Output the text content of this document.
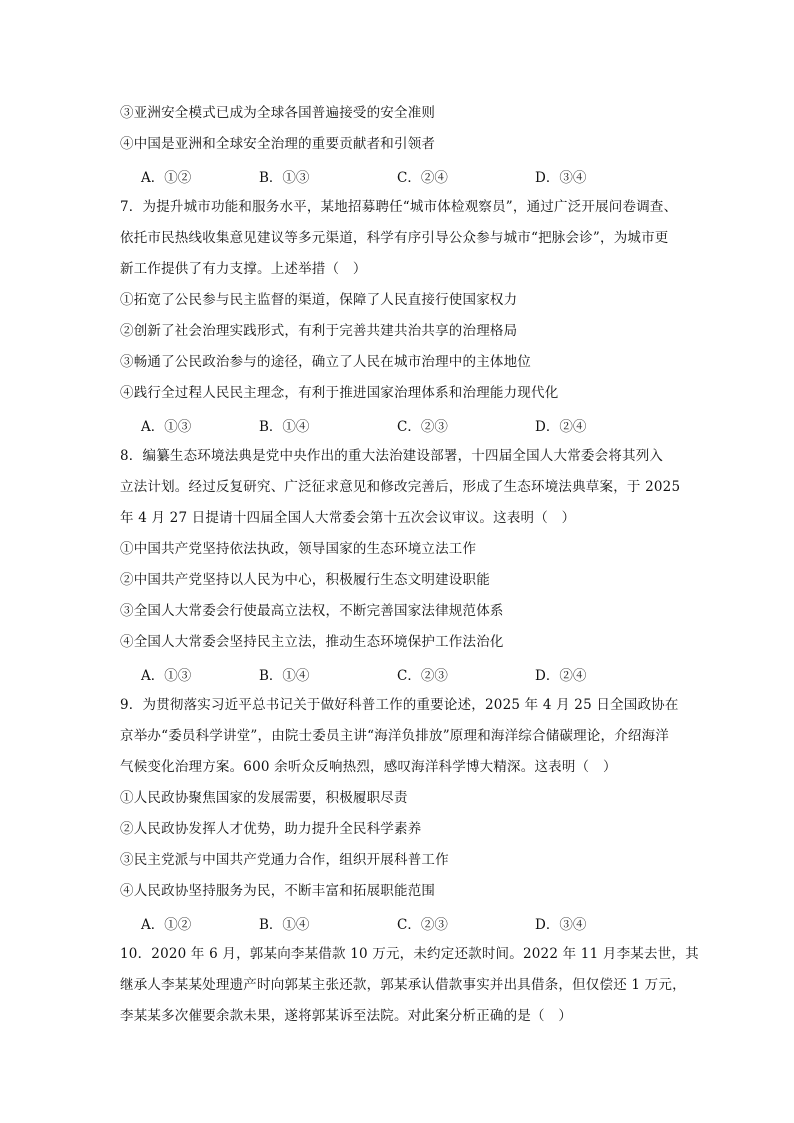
③亚洲安全模式已成为全球各国普遍接受的安全准则
④中国是亚洲和全球安全治理的重要贡献者和引领者
A．①②	B．①③	C．②④	D．③④
7．为提升城市功能和服务水平，某地招募聘任“城市体检观察员”，通过广泛开展问卷调查、
依托市民热线收集意见建议等多元渠道，科学有序引导公众参与城市“把脉会诊”，为城市更
新工作提供了有力支撑。上述举措（　）
①拓宽了公民参与民主监督的渠道，保障了人民直接行使国家权力
②创新了社会治理实践形式，有利于完善共建共治共享的治理格局
③畅通了公民政治参与的途径，确立了人民在城市治理中的主体地位
④践行全过程人民民主理念，有利于推进国家治理体系和治理能力现代化
A．①③	B．①④	C．②③	D．②④
8．编纂生态环境法典是党中央作出的重大法治建设部署，十四届全国人大常委会将其列入
立法计划。经过反复研究、广泛征求意见和修改完善后，形成了生态环境法典草案，于 2025
年 4 月 27 日提请十四届全国人大常委会第十五次会议审议。这表明（　）
①中国共产党坚持依法执政，领导国家的生态环境立法工作
②中国共产党坚持以人民为中心，积极履行生态文明建设职能
③全国人大常委会行使最高立法权，不断完善国家法律规范体系
④全国人大常委会坚持民主立法，推动生态环境保护工作法治化
A．①③	B．①④	C．②③	D．②④
9．为贯彻落实习近平总书记关于做好科普工作的重要论述，2025 年 4 月 25 日全国政协在
京举办“委员科学讲堂”，由院士委员主讲“海洋负排放”原理和海洋综合储碳理论，介绍海洋
气候变化治理方案。600 余听众反响热烈，感叹海洋科学博大精深。这表明（　）
①人民政协聚焦国家的发展需要，积极履职尽责
②人民政协发挥人才优势，助力提升全民科学素养
③民主党派与中国共产党通力合作，组织开展科普工作
④人民政协坚持服务为民，不断丰富和拓展职能范围
A．①②	B．①④	C．②③	D．③④
10．2020 年 6 月，郭某向李某借款 10 万元，未约定还款时间。2022 年 11 月李某去世，其
继承人李某某处理遗产时向郭某主张还款，郭某承认借款事实并出具借条，但仅偿还 1 万元，
李某某多次催要余款未果，遂将郭某诉至法院。对此案分析正确的是（　）
